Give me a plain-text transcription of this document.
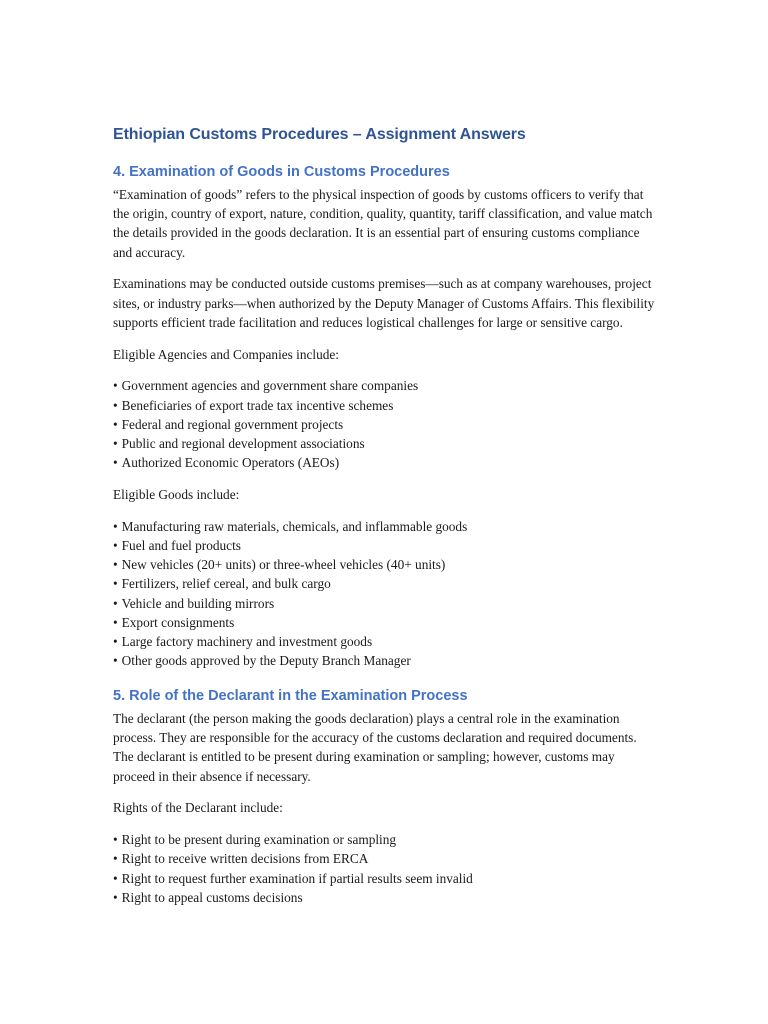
Ethiopian Customs Procedures – Assignment Answers
4. Examination of Goods in Customs Procedures

“Examination of goods” refers to the physical inspection of goods by customs officers to verify that the origin, country of export, nature, condition, quality, quantity, tariff classification, and value match the details provided in the goods declaration. It is an essential part of ensuring customs compliance and accuracy.

Examinations may be conducted outside customs premises—such as at company warehouses, project sites, or industry parks—when authorized by the Deputy Manager of Customs Affairs. This flexibility supports efficient trade facilitation and reduces logistical challenges for large or sensitive cargo.

Eligible Agencies and Companies include:

• Government agencies and government share companies
• Beneficiaries of export trade tax incentive schemes
• Federal and regional government projects
• Public and regional development associations
• Authorized Economic Operators (AEOs)

Eligible Goods include:

• Manufacturing raw materials, chemicals, and inflammable goods
• Fuel and fuel products
• New vehicles (20+ units) or three-wheel vehicles (40+ units)
• Fertilizers, relief cereal, and bulk cargo
• Vehicle and building mirrors
• Export consignments
• Large factory machinery and investment goods
• Other goods approved by the Deputy Branch Manager
5. Role of the Declarant in the Examination Process

The declarant (the person making the goods declaration) plays a central role in the examination process. They are responsible for the accuracy of the customs declaration and required documents. The declarant is entitled to be present during examination or sampling; however, customs may proceed in their absence if necessary.

Rights of the Declarant include:

• Right to be present during examination or sampling
• Right to receive written decisions from ERCA
• Right to request further examination if partial results seem invalid
• Right to appeal customs decisions
